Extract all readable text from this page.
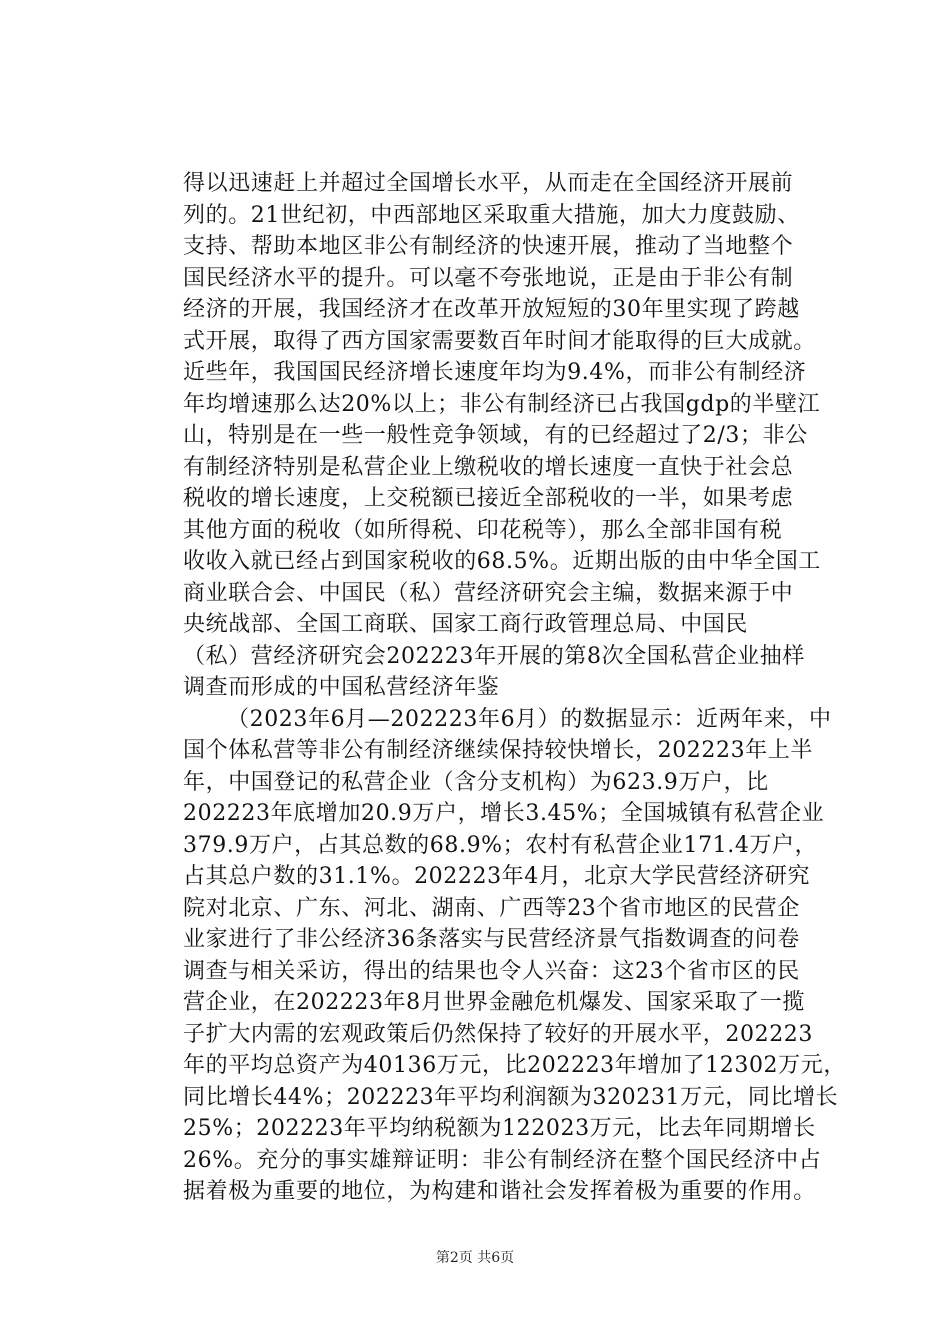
得以迅速赶上并超过全国增长水平，从而走在全国经济开展前
列的。21世纪初，中西部地区采取重大措施，加大力度鼓励、
支持、帮助本地区非公有制经济的快速开展，推动了当地整个
国民经济水平的提升。可以毫不夸张地说，正是由于非公有制
经济的开展，我国经济才在改革开放短短的30年里实现了跨越
式开展，取得了西方国家需要数百年时间才能取得的巨大成就。
近些年，我国国民经济增长速度年均为9.4%，而非公有制经济
年均增速那么达20%以上；非公有制经济已占我国gdp的半壁江
山，特别是在一些一般性竞争领域，有的已经超过了2/3；非公
有制经济特别是私营企业上缴税收的增长速度一直快于社会总
税收的增长速度，上交税额已接近全部税收的一半，如果考虑
其他方面的税收（如所得税、印花税等），那么全部非国有税
收收入就已经占到国家税收的68.5%。近期出版的由中华全国工
商业联合会、中国民（私）营经济研究会主编，数据来源于中
央统战部、全国工商联、国家工商行政管理总局、中国民
（私）营经济研究会202223年开展的第8次全国私营企业抽样
调查而形成的中国私营经济年鉴
（2023年6月—202223年6月）的数据显示：近两年来，中
国个体私营等非公有制经济继续保持较快增长，202223年上半
年，中国登记的私营企业（含分支机构）为623.9万户，比
202223年底增加20.9万户，增长3.45%；全国城镇有私营企业
379.9万户，占其总数的68.9%；农村有私营企业171.4万户，
占其总户数的31.1%。202223年4月，北京大学民营经济研究
院对北京、广东、河北、湖南、广西等23个省市地区的民营企
业家进行了非公经济36条落实与民营经济景气指数调查的问卷
调查与相关采访，得出的结果也令人兴奋：这23个省市区的民
营企业，在202223年8月世界金融危机爆发、国家采取了一揽
子扩大内需的宏观政策后仍然保持了较好的开展水平，202223
年的平均总资产为40136万元，比202223年增加了12302万元，
同比增长44%；202223年平均利润额为320231万元，同比增长
25%；202223年平均纳税额为122023万元，比去年同期增长
26%。充分的事实雄辩证明：非公有制经济在整个国民经济中占
据着极为重要的地位，为构建和谐社会发挥着极为重要的作用。
第2页 共6页
